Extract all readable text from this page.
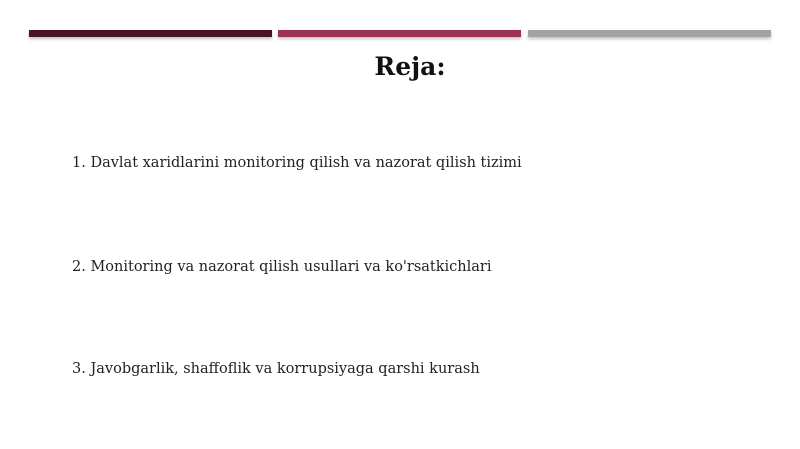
Reja:
1. Davlat xaridlarini monitoring qilish va nazorat qilish tizimi
2. Monitoring va nazorat qilish usullari va ko'rsatkichlari
3. Javobgarlik, shaffoflik va korrupsiyaga qarshi kurash
